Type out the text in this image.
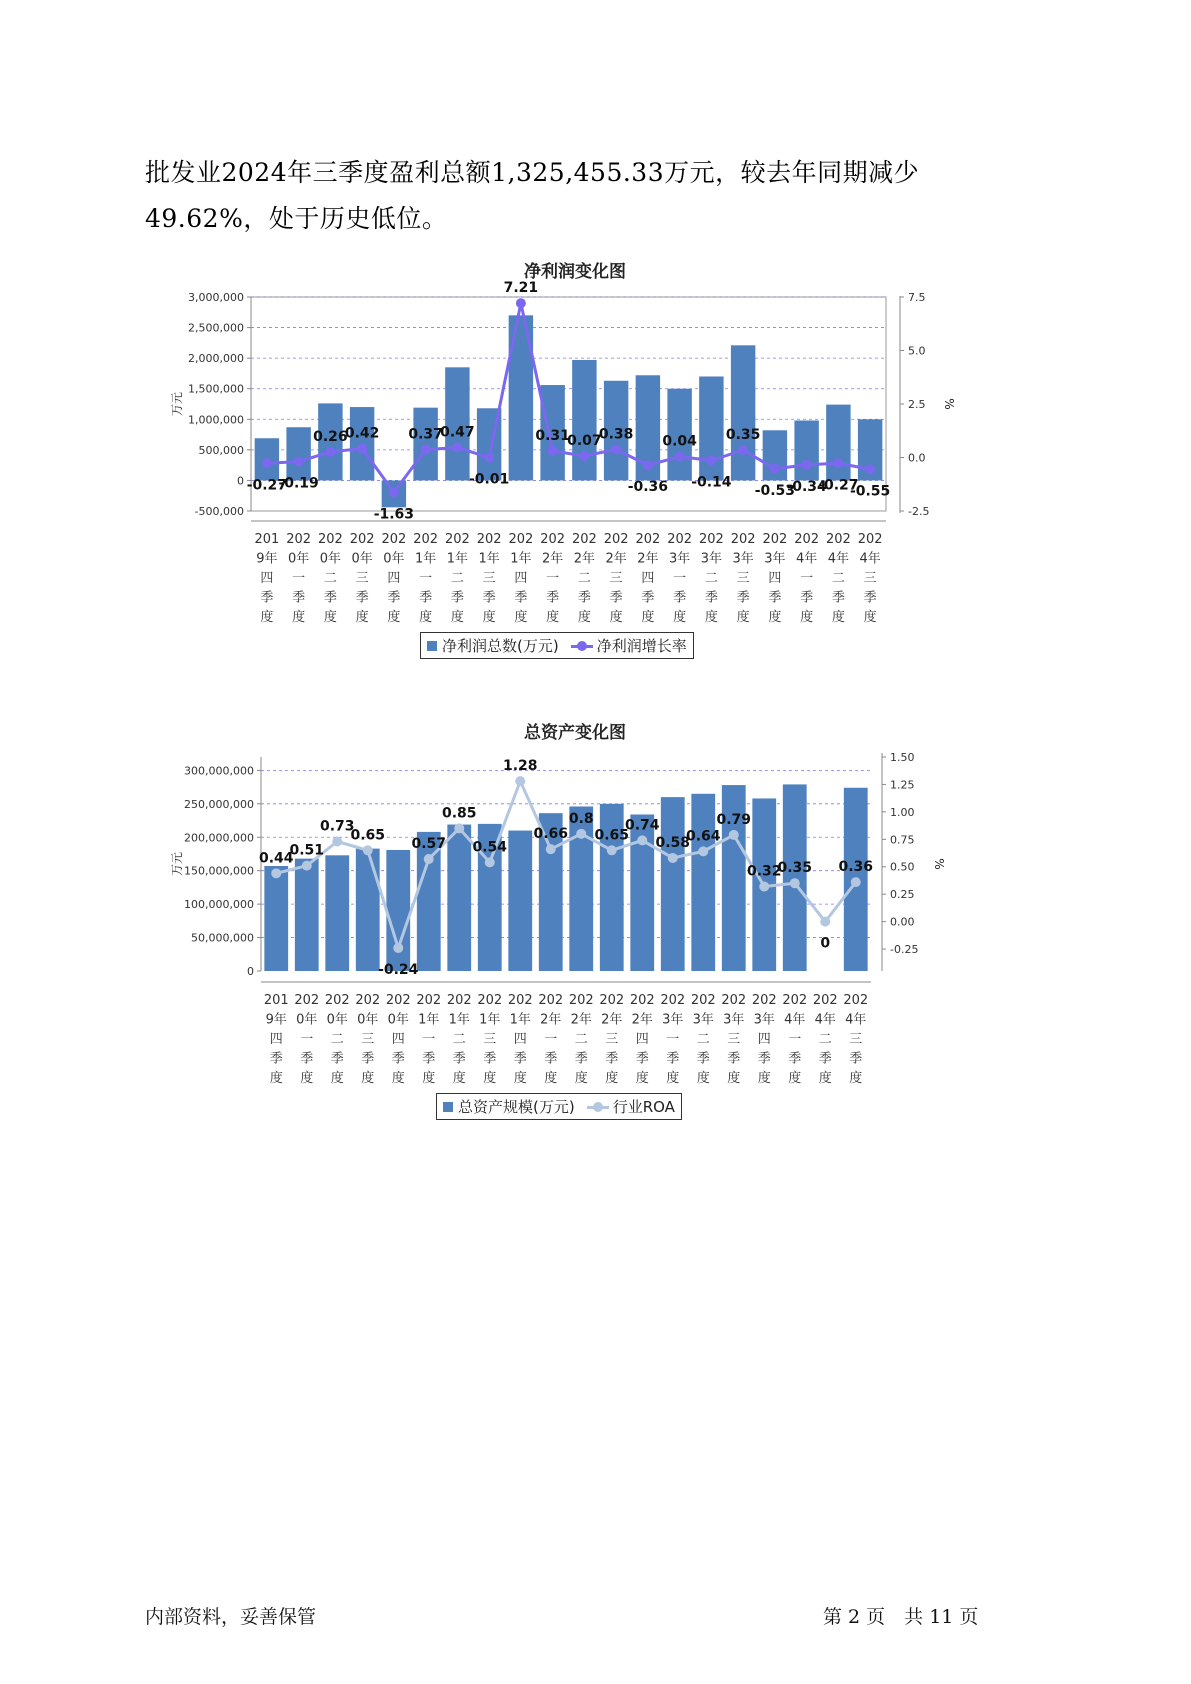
批发业2024年三季度盈利总额1,325,455.33万元，较去年同期减少49.62%，处于历史低位。

净利润变化图
-500,000
0
500,000
1,000,000
1,500,000
2,000,000
2,500,000
3,000,000
-2.5
0.0
2.5
5.0
7.5
万元	%
201 9年四季度
202 0年一季度
202 0年二季度
202 0年三季度
202 0年四季度
202 1年一季度
202 1年二季度
202 1年三季度
202 1年四季度
202 2年一季度
202 2年二季度
202 2年三季度
202 2年四季度
202 3年一季度
202 3年二季度
202 3年三季度
202 3年四季度
202 4年一季度
202 4年二季度
202 4年三季度
-0.27
-0.19
0.26
0.42
-1.63
0.37
0.47
-0.01
7.21
0.31
0.07
0.38
-0.36
0.04
-0.14
0.35
-0.53
-0.34
-0.27
-0.55
净利润总数(万元)	净利润增长率
总资产变化图
0
50,000,000
100,000,000
150,000,000
200,000,000
250,000,000
300,000,000
-0.25
0.00
0.25
0.50
0.75
1.00
1.25
1.50
万元	%
201 9年四季度
202 0年一季度
202 0年二季度
202 0年三季度
202 0年四季度
202 1年一季度
202 1年二季度
202 1年三季度
202 1年四季度
202 2年一季度
202 2年二季度
202 2年三季度
202 2年四季度
202 3年一季度
202 3年二季度
202 3年三季度
202 3年四季度
202 4年一季度
202 4年二季度
202 4年三季度
0.44
0.51
0.73
0.65
-0.24
0.57
0.85
0.54
1.28
0.66
0.8
0.65
0.74
0.58
0.64
0.79
0.32
0.35
0
0.36
总资产规模(万元)	行业ROA
内部资料，妥善保管	第 2 页　共 11 页
